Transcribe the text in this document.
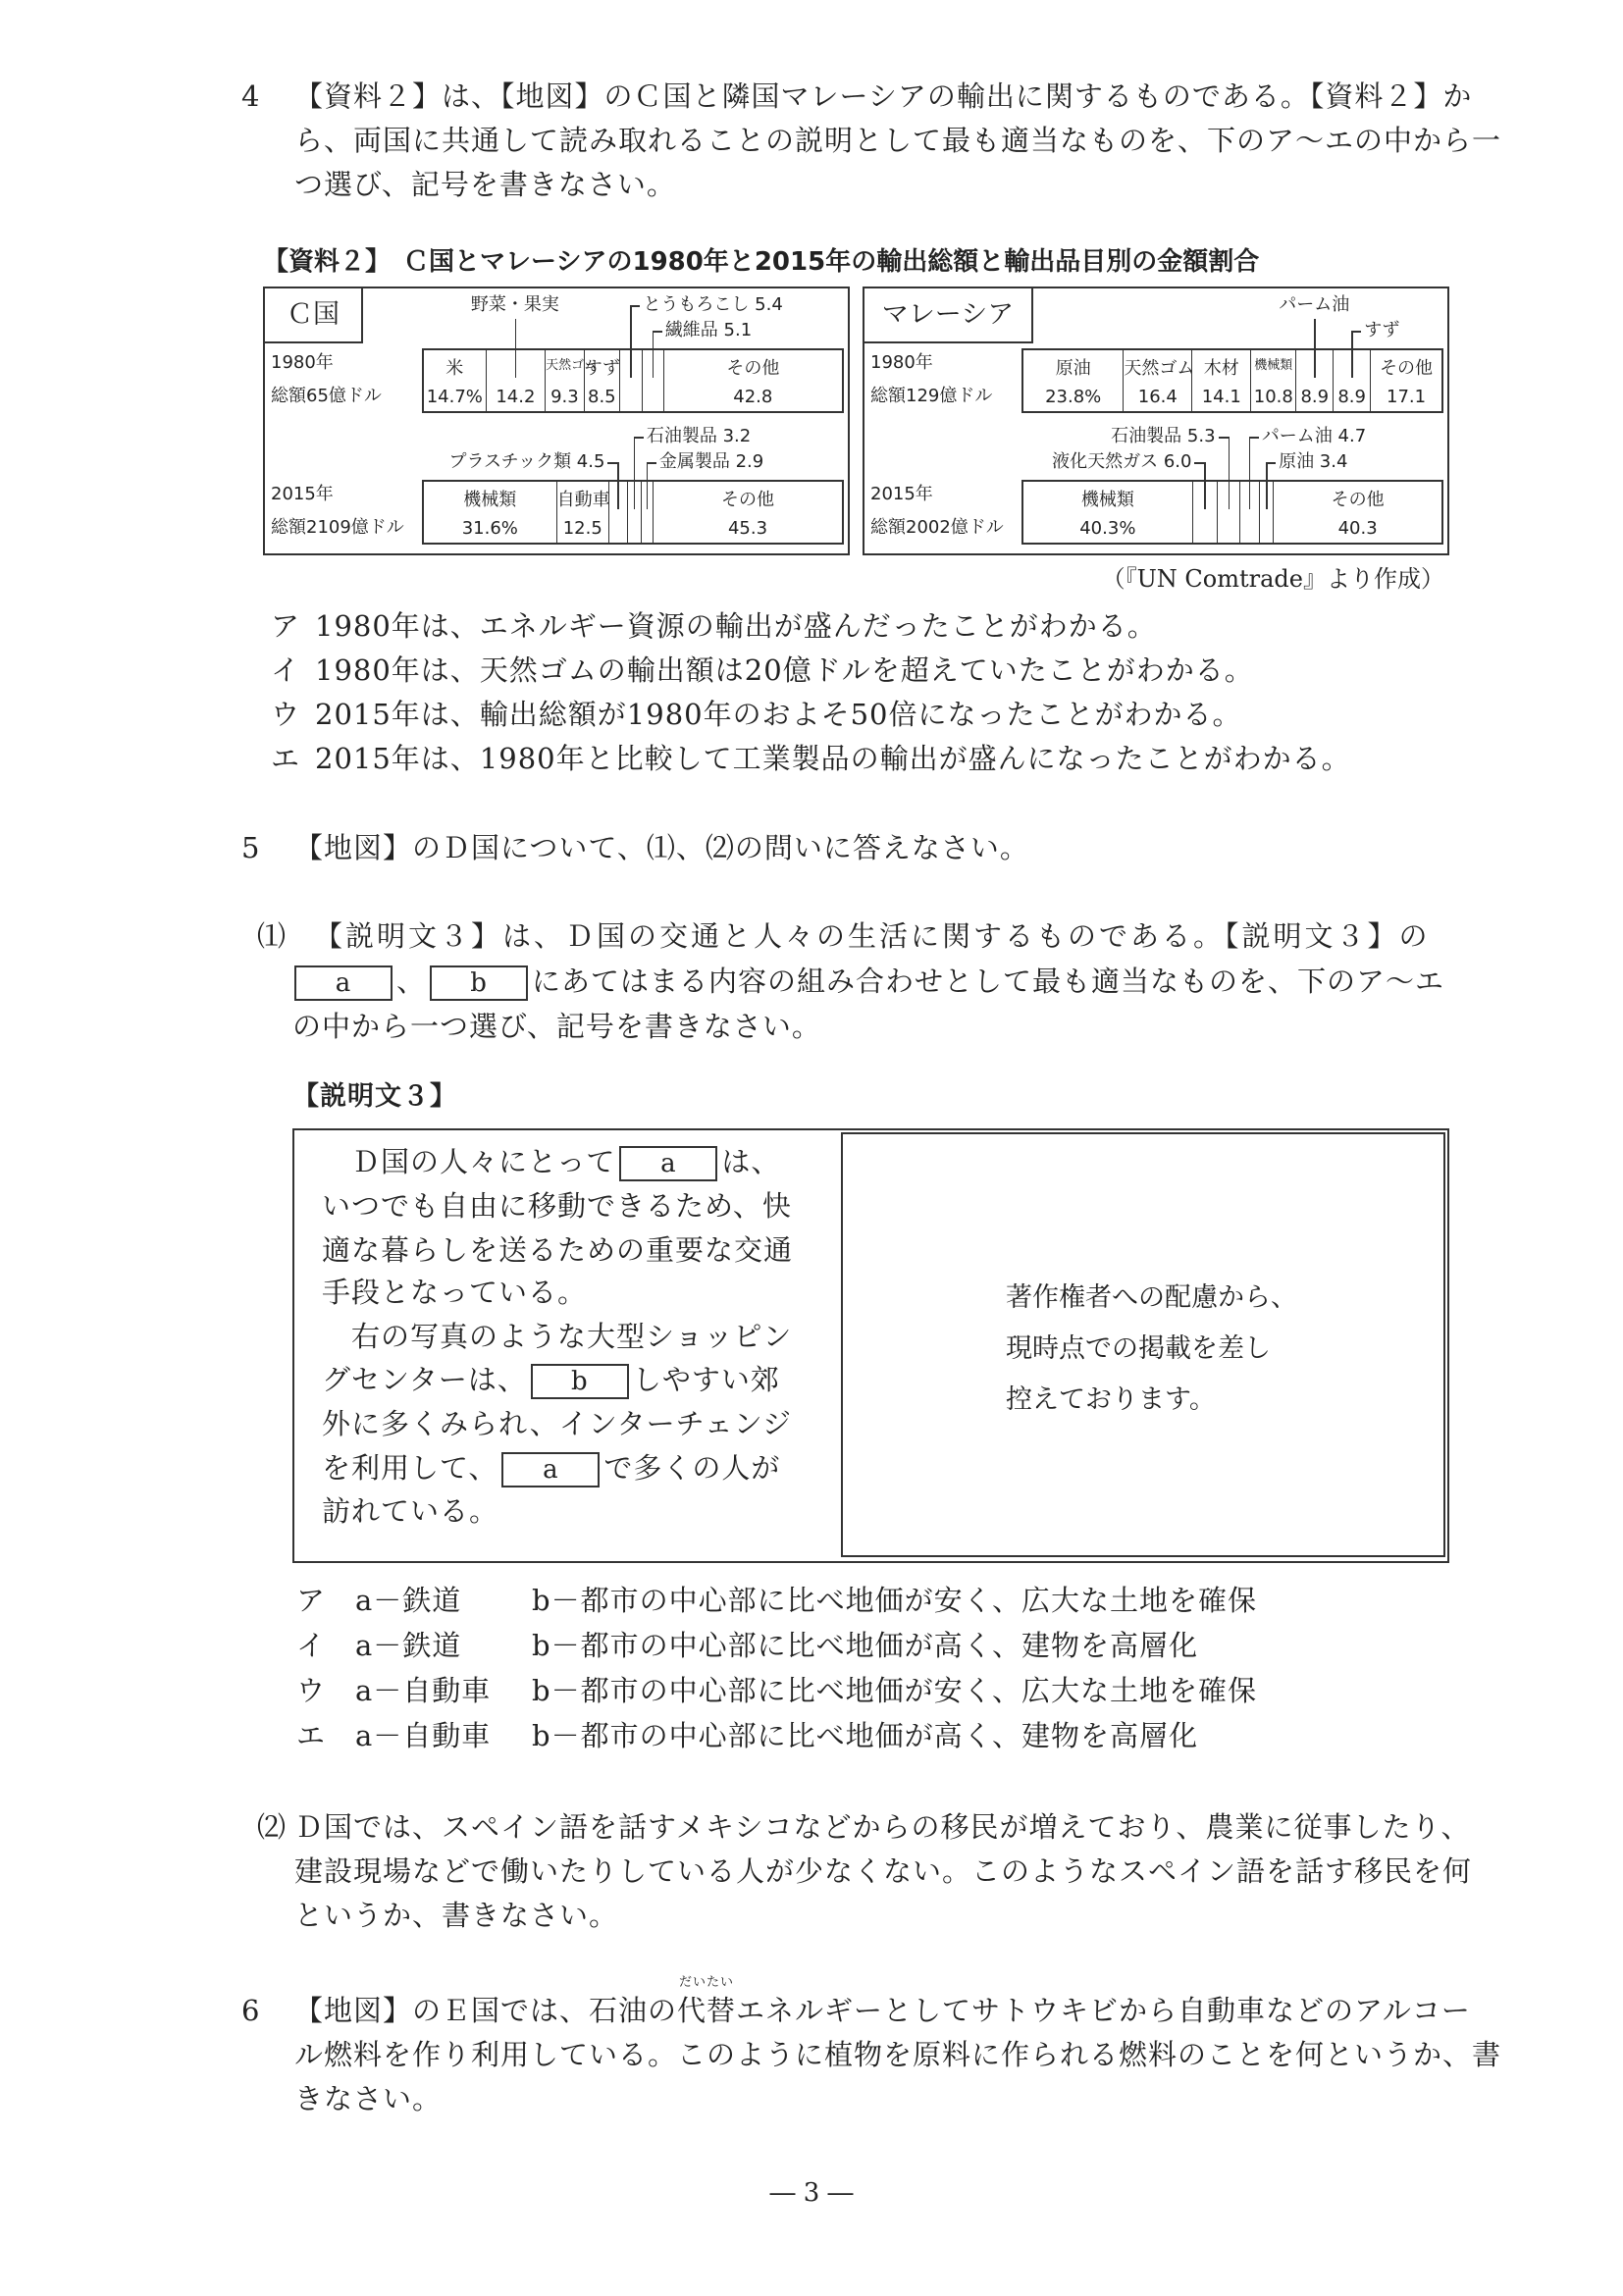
4 【資料２】は、【地図】のＣ国と隣国マレーシアの輸出に関するものである。【資料２】か
ら、両国に共通して読み取れることの説明として最も適当なものを、下のア～エの中から一
つ選び、記号を書きなさい。
【資料２】　Ｃ国とマレーシアの1980年と2015年の輸出総額と輸出品目別の金額割合
Ｃ国
1980年
総額65億ドル
米
14.7% 14.2
天然ゴム
9.3
すず
8.5
その他
42.8
野菜・果実	とうもろこし 5.4
繊維品 5.1
2015年
総額2109億ドル
機械類
31.6%
自動車
12.5
その他
45.3
プラスチック類 4.5
石油製品 3.2
金属製品 2.9
マレーシア
1980年
総額129億ドル
原油
23.8%
天然ゴム
16.4
木材
14.1
機械類
10.8 8.9 8.9
その他
17.1
パーム油
すず
2015年
総額2002億ドル
機械類
40.3%
その他
40.3
液化天然ガス 6.0
石油製品 5.3	パーム油 4.7
原油 3.4
（『UN Comtrade』より作成）
ア 1980年は、エネルギー資源の輸出が盛んだったことがわかる。
イ 1980年は、天然ゴムの輸出額は20億ドルを超えていたことがわかる。
ウ 2015年は、輸出総額が1980年のおよそ50倍になったことがわかる。
エ 2015年は、1980年と比較して工業製品の輸出が盛んになったことがわかる。
5 【地図】のＤ国について、⑴、⑵の問いに答えなさい。
⑴ 【説明文３】は、Ｄ国の交通と人々の生活に関するものである。【説明文３】の
a 、 b にあてはまる内容の組み合わせとして最も適当なものを、下のア～エ
の中から一つ選び、記号を書きなさい。
【説明文３】
Ｄ国の人々にとって a は、
いつでも自由に移動できるため、快
適な暮らしを送るための重要な交通
手段となっている。
右の写真のような大型ショッピン
グセンターは、 b しやすい郊
外に多くみられ、インターチェンジ
を利用して、 a で多くの人が
訪れている。
著作権者への配慮から、
現時点での掲載を差し
控えております。
ア a－鉄道 b－都市の中心部に比べ地価が安く、広大な土地を確保
イ a－鉄道 b－都市の中心部に比べ地価が高く、建物を高層化
ウ a－自動車 b－都市の中心部に比べ地価が安く、広大な土地を確保
エ a－自動車 b－都市の中心部に比べ地価が高く、建物を高層化
⑵ Ｄ国では、スペイン語を話すメキシコなどからの移民が増えており、農業に従事したり、
建設現場などで働いたりしている人が少なくない。このようなスペイン語を話す移民を何
というか、書きなさい。
6 【地図】のＥ国では、石油の
だいたい
代替エネルギーとしてサトウキビから自動車などのアルコー
ル燃料を作り利用している。このように植物を原料に作られる燃料のことを何というか、書
きなさい。
― 3 ―
